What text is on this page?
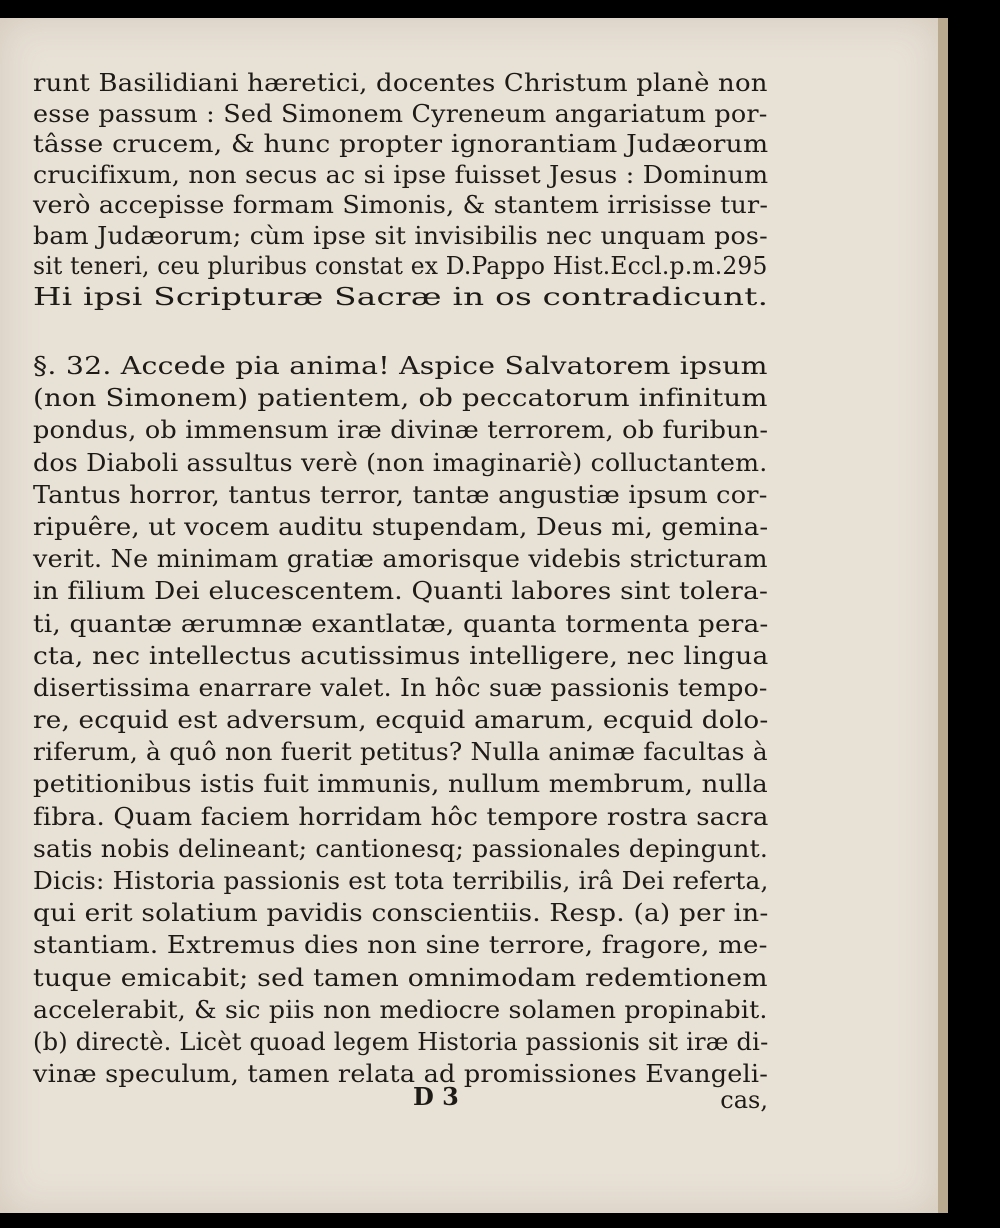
runt Basilidiani hæretici, docentes Christum planè non
esse passum : Sed Simonem Cyreneum angariatum por-
tâsse crucem, & hunc propter ignorantiam Judæorum
crucifixum, non secus ac si ipse fuisset Jesus : Dominum
verò accepisse formam Simonis, & stantem irrisisse tur-
bam Judæorum; cùm ipse sit invisibilis nec unquam pos-
sit teneri, ceu pluribus constat ex D.Pappo Hist.Eccl.p.m.295
Hi ipsi Scripturæ Sacræ in os contradicunt.
§. 32. Accede pia anima! Aspice Salvatorem ipsum
(non Simonem) patientem, ob peccatorum infinitum
pondus, ob immensum iræ divinæ terrorem, ob furibun-
dos Diaboli assultus verè (non imaginariè) colluctantem.
Tantus horror, tantus terror, tantæ angustiæ ipsum cor-
ripuêre, ut vocem auditu stupendam, Deus mi, gemina-
verit. Ne minimam gratiæ amorisque videbis stricturam
in filium Dei elucescentem. Quanti labores sint tolera-
ti, quantæ ærumnæ exantlatæ, quanta tormenta pera-
cta, nec intellectus acutissimus intelligere, nec lingua
disertissima enarrare valet. In hôc suæ passionis tempo-
re, ecquid est adversum, ecquid amarum, ecquid dolo-
riferum, à quô non fuerit petitus? Nulla animæ facultas à
petitionibus istis fuit immunis, nullum membrum, nulla
fibra. Quam faciem horridam hôc tempore rostra sacra
satis nobis delineant; cantionesq; passionales depingunt.
Dicis: Historia passionis est tota terribilis, irâ Dei referta,
qui erit solatium pavidis conscientiis. Resp. (a) per in-
stantiam. Extremus dies non sine terrore, fragore, me-
tuque emicabit; sed tamen omnimodam redemtionem
accelerabit, & sic piis non mediocre solamen propinabit.
(b) directè. Licèt quoad legem Historia passionis sit iræ di-
vinæ speculum, tamen relata ad promissiones Evangeli-
D 3	cas,
